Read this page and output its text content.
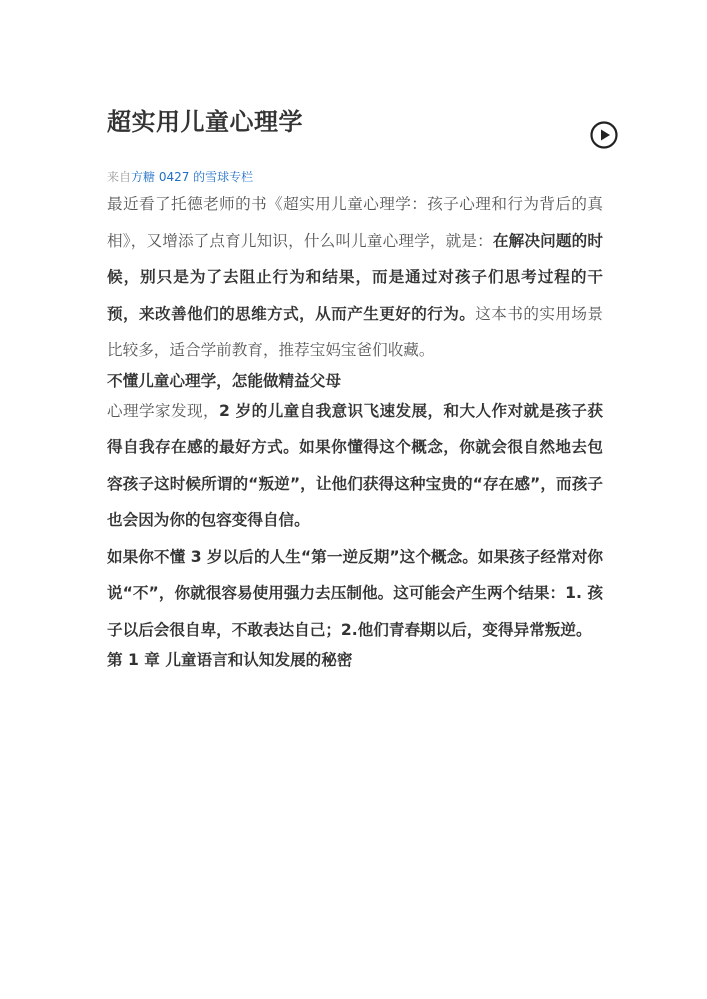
超实用儿童心理学
来自方糖 0427 的雪球专栏

最近看了托德老师的书《超实用儿童心理学：孩子心理和行为背后的真相》，又增添了点育儿知识，什么叫儿童心理学，就是：在解决问题的时候，别只是为了去阻止行为和结果，而是通过对孩子们思考过程的干预，来改善他们的思维方式，从而产生更好的行为。这本书的实用场景比较多，适合学前教育，推荐宝妈宝爸们收藏。

不懂儿童心理学，怎能做精益父母

心理学家发现，2 岁的儿童自我意识飞速发展，和大人作对就是孩子获得自我存在感的最好方式。如果你懂得这个概念，你就会很自然地去包容孩子这时候所谓的“叛逆”，让他们获得这种宝贵的“存在感”，而孩子也会因为你的包容变得自信。

如果你不懂 3 岁以后的人生“第一逆反期”这个概念。如果孩子经常对你说“不”，你就很容易使用强力去压制他。这可能会产生两个结果：1. 孩子以后会很自卑，不敢表达自己；2.他们青春期以后，变得异常叛逆。

第 1 章 儿童语言和认知发展的秘密
